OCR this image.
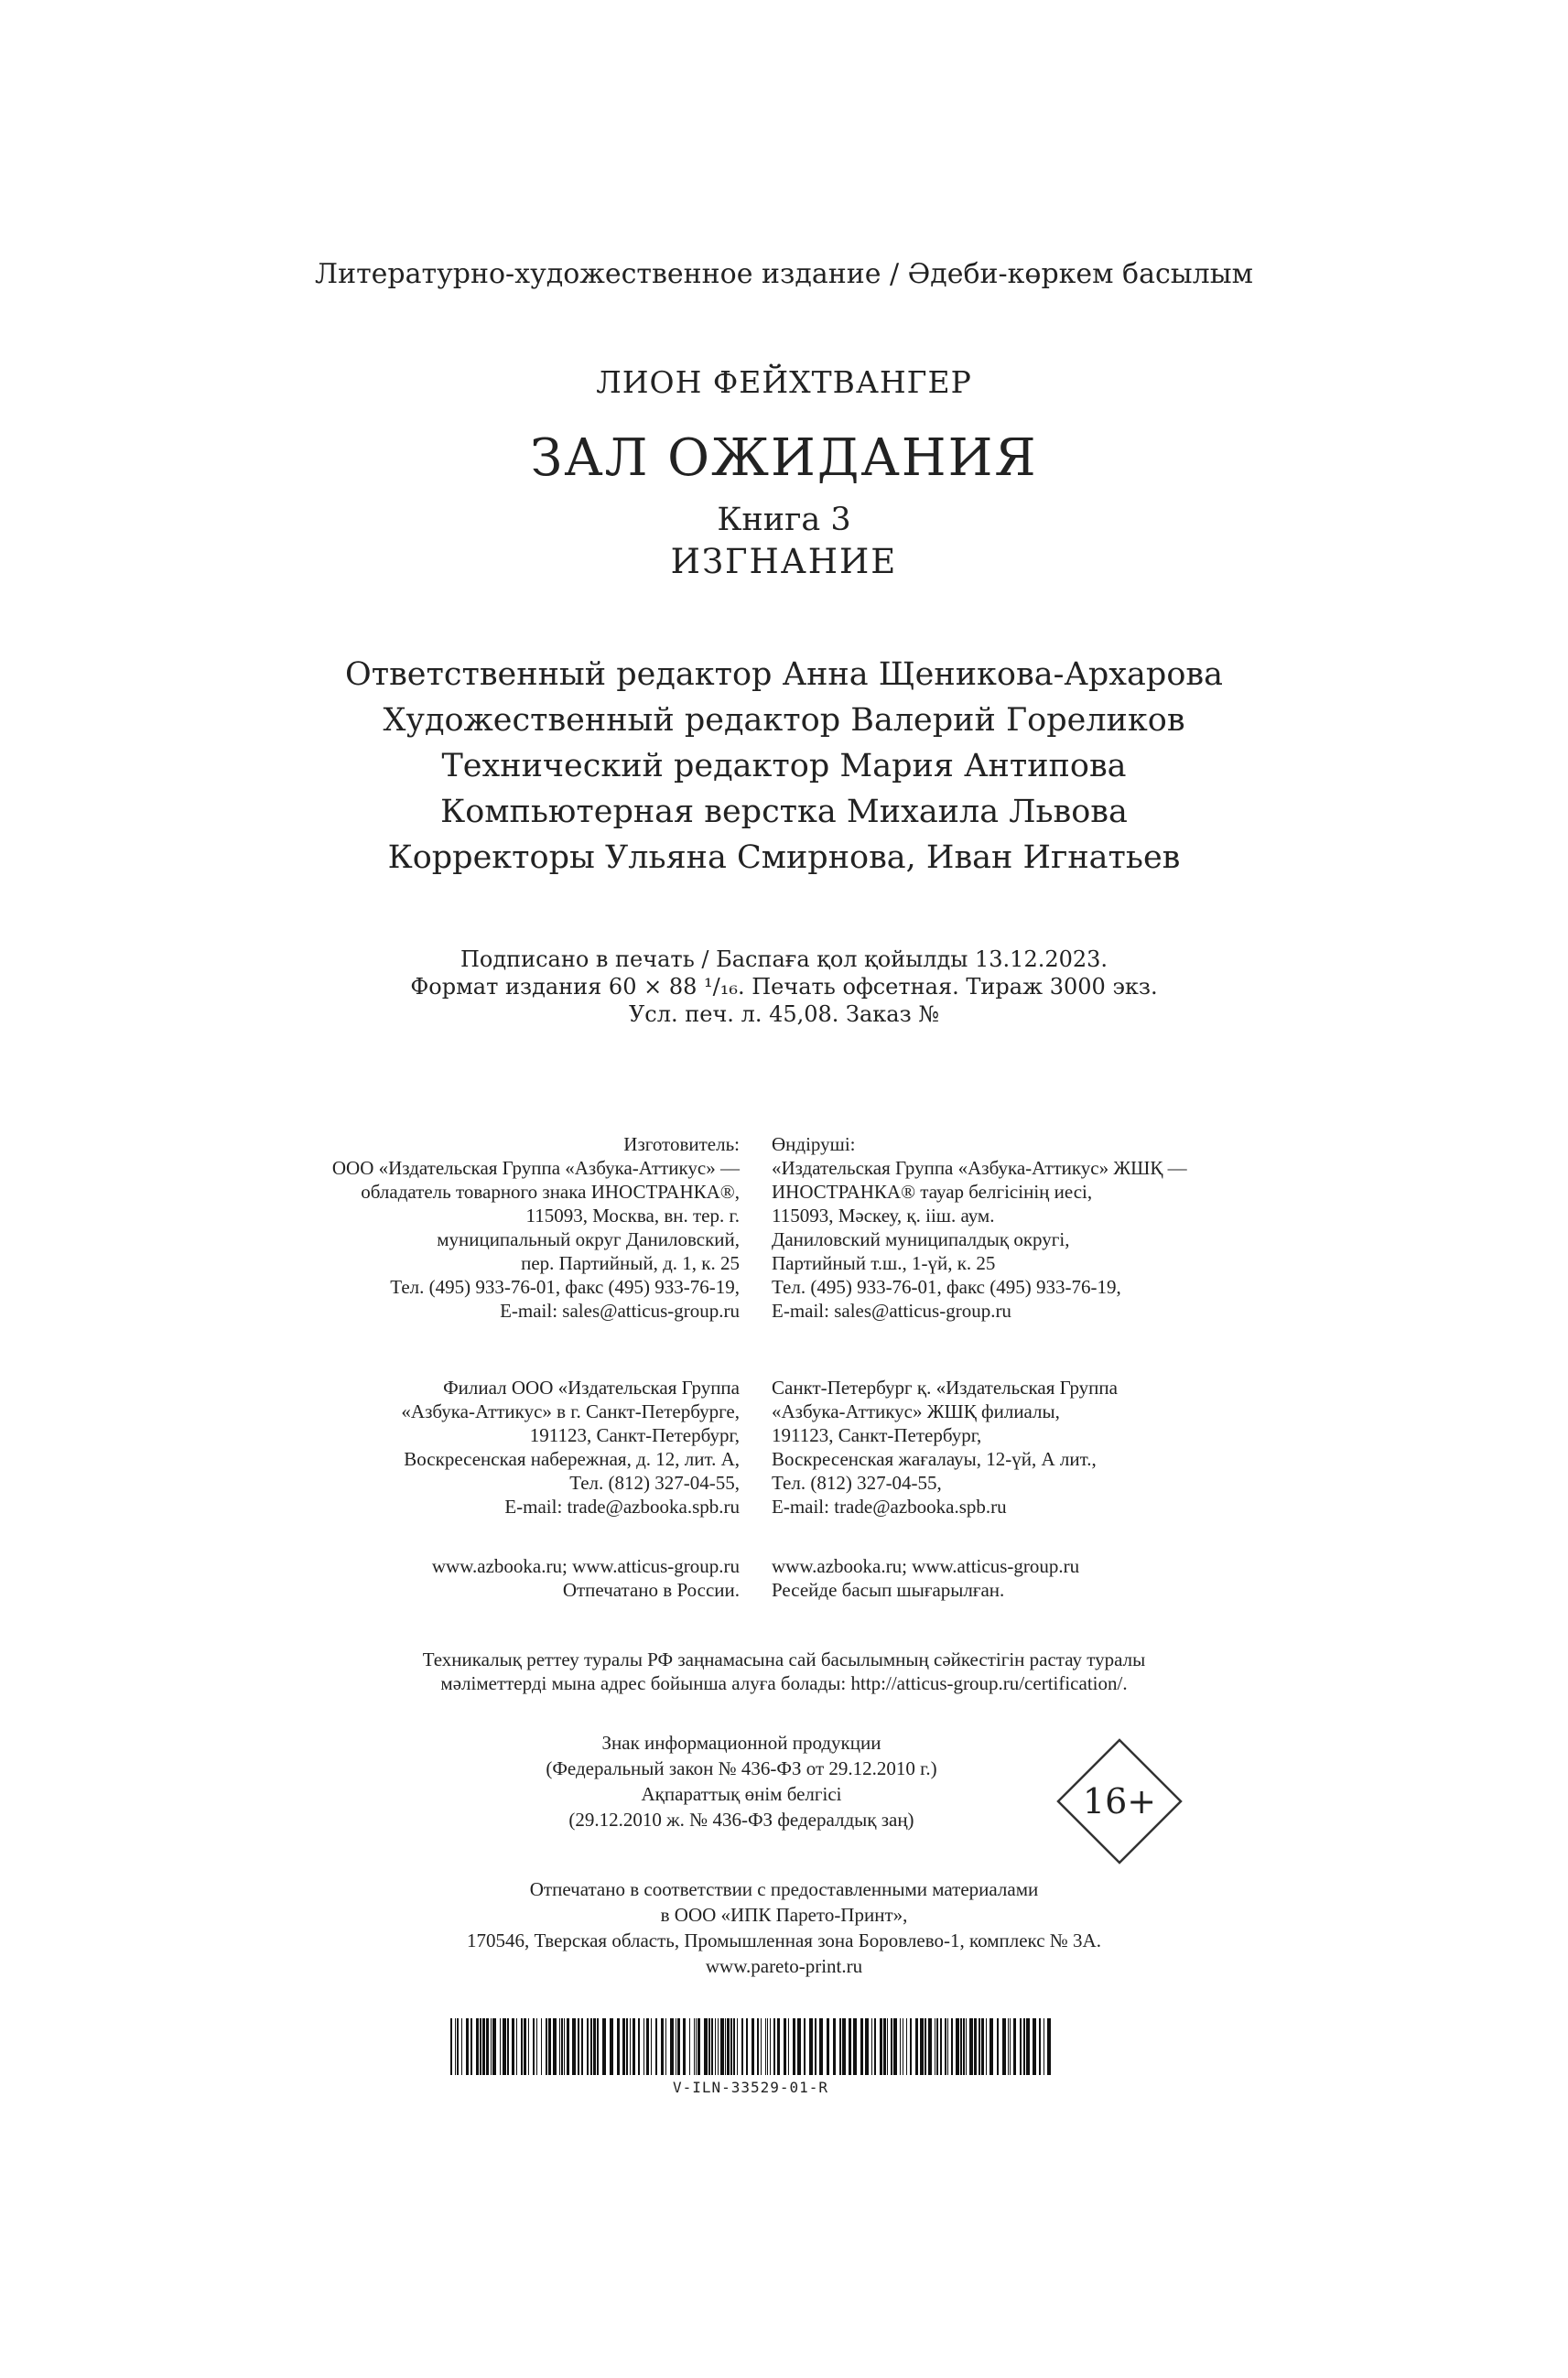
Литературно-художественное издание / Әдеби-көркем басылым
ЛИОН ФЕЙХТВАНГЕР
ЗАЛ ОЖИДАНИЯ
Книга 3
ИЗГНАНИЕ
Ответственный редактор Анна Щеникова-Архарова
Художественный редактор Валерий Гореликов
Технический редактор Мария Антипова
Компьютерная верстка Михаила Львова
Корректоры Ульяна Смирнова, Иван Игнатьев
Подписано в печать / Баспаға қол қойылды 13.12.2023.
Формат издания 60 × 88 ¹/₁₆. Печать офсетная. Тираж 3000 экз.
Усл. печ. л. 45,08. Заказ №
Изготовитель:
ООО «Издательская Группа «Азбука-Аттикус» —
обладатель товарного знака ИНОСТРАНКА®,
115093, Москва, вн. тер. г.
муниципальный округ Даниловский,
пер. Партийный, д. 1, к. 25
Тел. (495) 933-76-01, факс (495) 933-76-19,
E-mail: sales@atticus-group.ru
Өндіруші:
«Издательская Группа «Азбука-Аттикус» ЖШҚ —
ИНОСТРАНКА® тауар белгісінің иесі,
115093, Мәскеу, қ. ііш. аум.
Даниловский муниципалдық округі,
Партийный т.ш., 1-үй, к. 25
Тел. (495) 933-76-01, факс (495) 933-76-19,
E-mail: sales@atticus-group.ru
Филиал ООО «Издательская Группа
«Азбука-Аттикус» в г. Санкт-Петербурге,
191123, Санкт-Петербург,
Воскресенская набережная, д. 12, лит. А,
Тел. (812) 327-04-55,
E-mail: trade@azbooka.spb.ru
Санкт-Петербург қ. «Издательская Группа
«Азбука-Аттикус» ЖШҚ филиалы,
191123, Санкт-Петербург,
Воскресенская жағалауы, 12-үй, А лит.,
Тел. (812) 327-04-55,
E-mail: trade@azbooka.spb.ru
www.azbooka.ru; www.atticus-group.ru
Отпечатано в России.
www.azbooka.ru; www.atticus-group.ru
Ресейде басып шығарылған.
Техникалық реттеу туралы РФ заңнамасына сай басылымның сәйкестігін растау туралы
мәліметтерді мына адрес бойынша алуға болады: http://atticus-group.ru/certification/.
Знак информационной продукции
(Федеральный закон № 436-ФЗ от 29.12.2010 г.)
Ақпараттық өнім белгісі
(29.12.2010 ж. № 436-ФЗ федералдық заң)	16+
Отпечатано в соответствии с предоставленными материалами
в ООО «ИПК Парето-Принт»,
170546, Тверская область, Промышленная зона Боровлево-1, комплекс № 3А.
www.pareto-print.ru
V-ILN-33529-01-R
